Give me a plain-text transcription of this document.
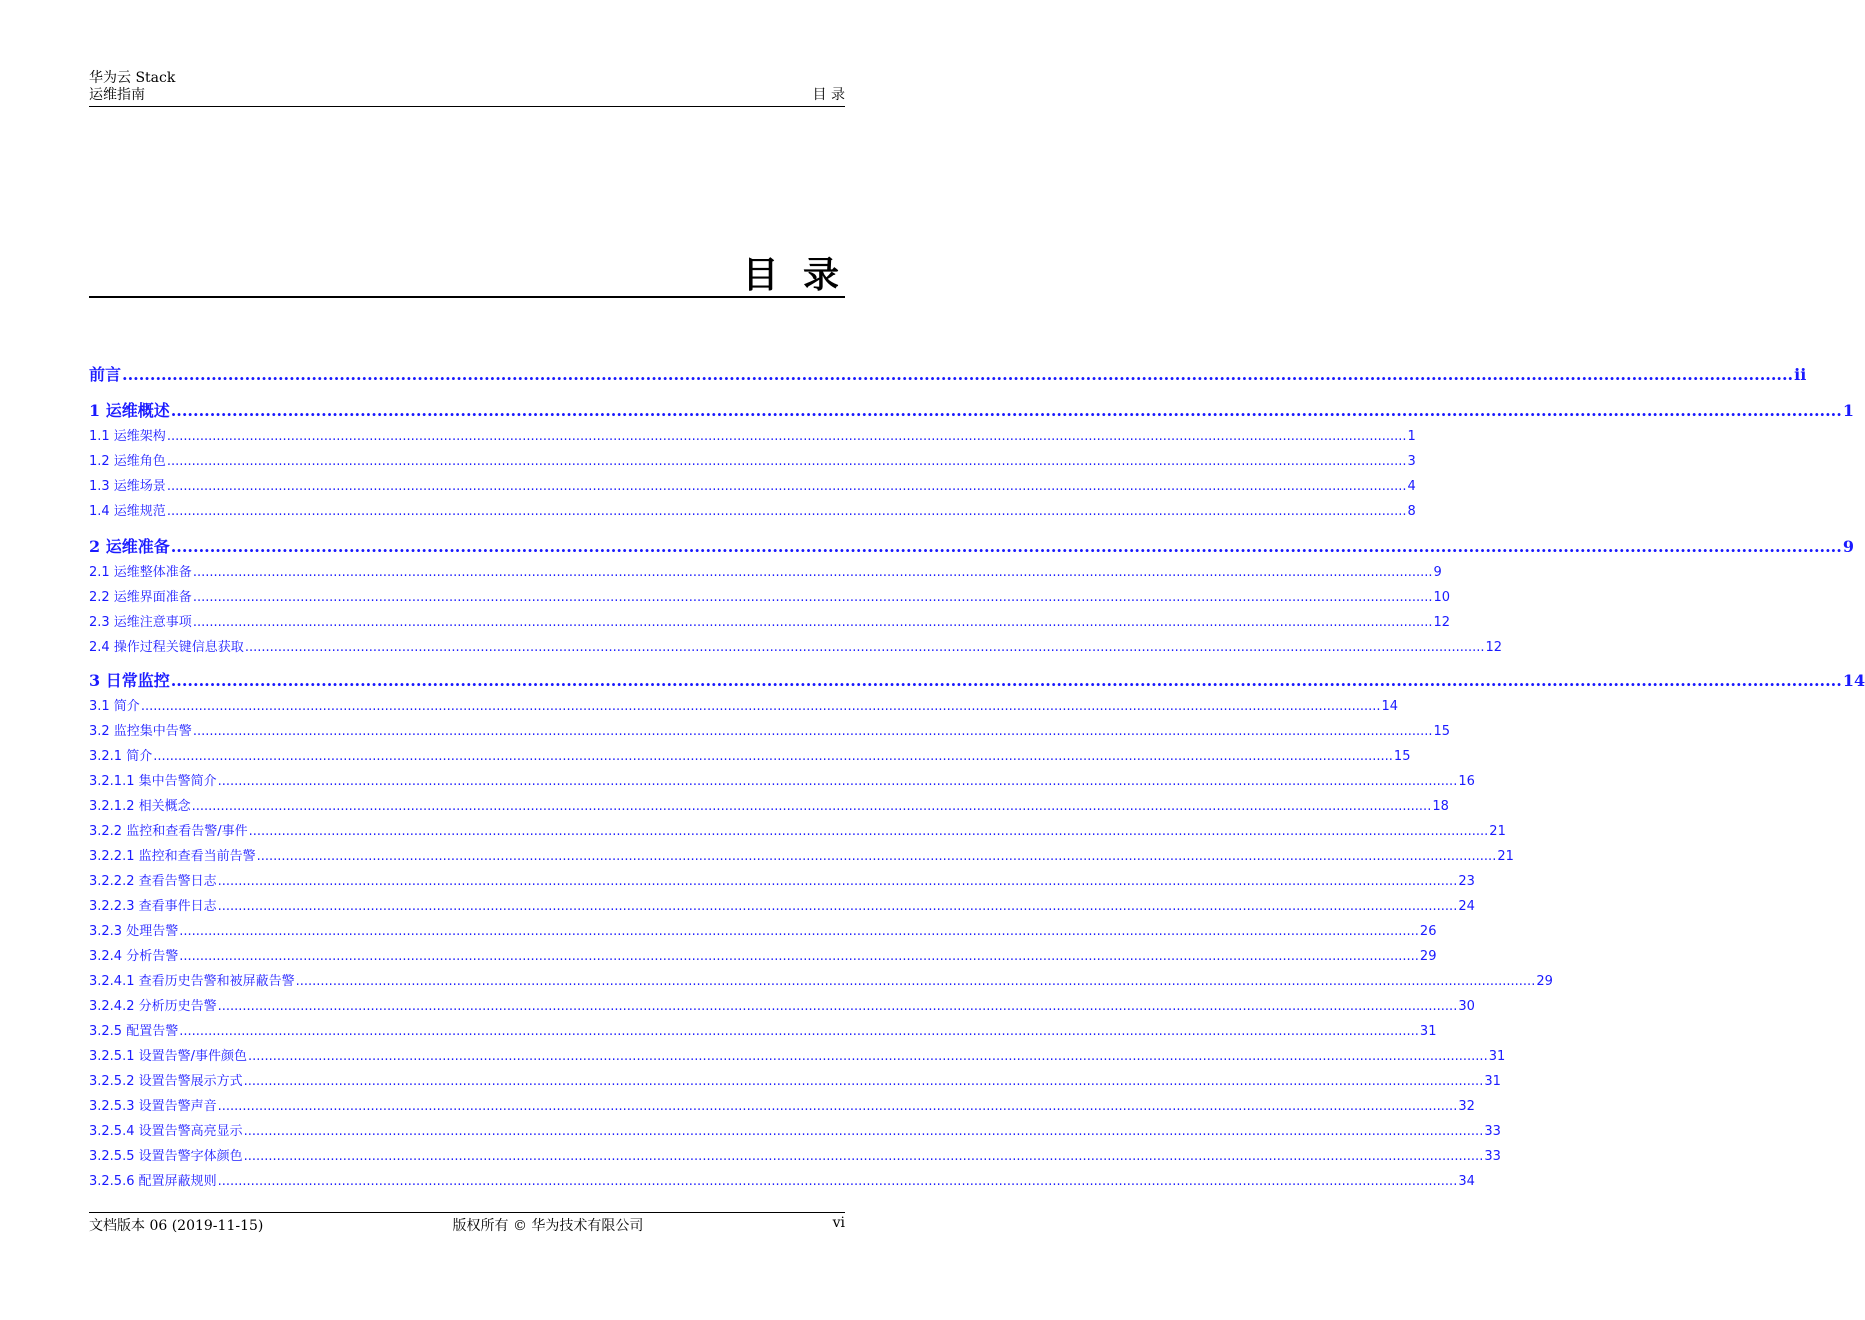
华为云 Stack
运维指南	目 录
目 录
前言 ............................................................................................................................................................................................................................................................................................................ ii
1 运维概述 ............................................................................................................................................................................................................................................................................................................ 1
1.1 运维架构 ............................................................................................................................................................................................................................................................................................................ 1
1.2 运维角色 ............................................................................................................................................................................................................................................................................................................ 3
1.3 运维场景 ............................................................................................................................................................................................................................................................................................................ 4
1.4 运维规范 ............................................................................................................................................................................................................................................................................................................ 8
2 运维准备 ............................................................................................................................................................................................................................................................................................................ 9
2.1 运维整体准备 ............................................................................................................................................................................................................................................................................................................ 9
2.2 运维界面准备 ............................................................................................................................................................................................................................................................................................................ 10
2.3 运维注意事项 ............................................................................................................................................................................................................................................................................................................ 12
2.4 操作过程关键信息获取 ............................................................................................................................................................................................................................................................................................................ 12
3 日常监控 ............................................................................................................................................................................................................................................................................................................ 14
3.1 简介 ............................................................................................................................................................................................................................................................................................................ 14
3.2 监控集中告警 ............................................................................................................................................................................................................................................................................................................ 15
3.2.1 简介 ............................................................................................................................................................................................................................................................................................................ 15
3.2.1.1 集中告警简介 ............................................................................................................................................................................................................................................................................................................ 16
3.2.1.2 相关概念 ............................................................................................................................................................................................................................................................................................................ 18
3.2.2 监控和查看告警/事件 ............................................................................................................................................................................................................................................................................................................ 21
3.2.2.1 监控和查看当前告警 ............................................................................................................................................................................................................................................................................................................ 21
3.2.2.2 查看告警日志 ............................................................................................................................................................................................................................................................................................................ 23
3.2.2.3 查看事件日志 ............................................................................................................................................................................................................................................................................................................ 24
3.2.3 处理告警 ............................................................................................................................................................................................................................................................................................................ 26
3.2.4 分析告警 ............................................................................................................................................................................................................................................................................................................ 29
3.2.4.1 查看历史告警和被屏蔽告警 ............................................................................................................................................................................................................................................................................................................ 29
3.2.4.2 分析历史告警 ............................................................................................................................................................................................................................................................................................................ 30
3.2.5 配置告警 ............................................................................................................................................................................................................................................................................................................ 31
3.2.5.1 设置告警/事件颜色 ............................................................................................................................................................................................................................................................................................................ 31
3.2.5.2 设置告警展示方式 ............................................................................................................................................................................................................................................................................................................ 31
3.2.5.3 设置告警声音 ............................................................................................................................................................................................................................................................................................................ 32
3.2.5.4 设置告警高亮显示 ............................................................................................................................................................................................................................................................................................................ 33
3.2.5.5 设置告警字体颜色 ............................................................................................................................................................................................................................................................................................................ 33
3.2.5.6 配置屏蔽规则 ............................................................................................................................................................................................................................................................................................................ 34
文档版本 06 (2019-11-15)	版权所有 © 华为技术有限公司	vi
